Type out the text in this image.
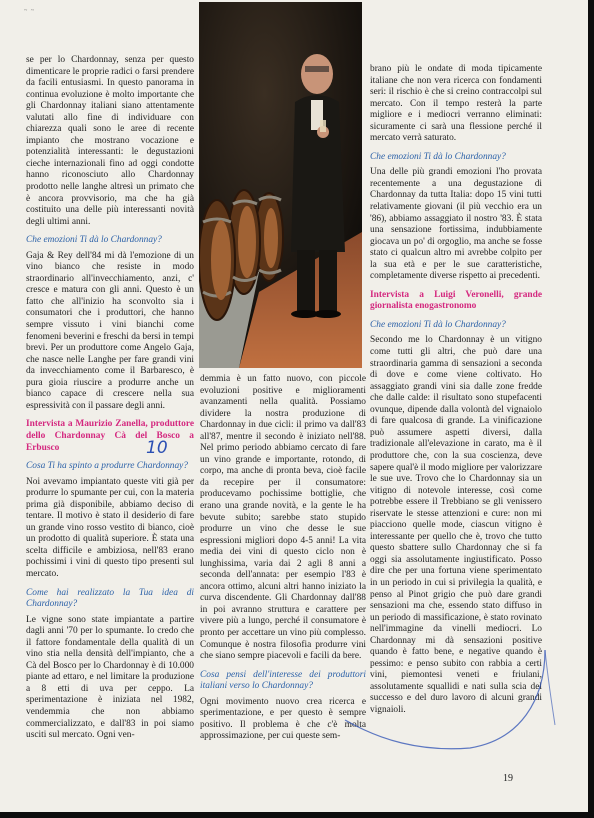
~ ~

se per lo Chardonnay, senza per questo dimenticare le proprie radici o farsi prendere da facili entusiasmi. In questo panorama in continua evoluzione è molto importante che gli Chardonnay italiani siano attentamente valutati allo fine di individuare con chiarezza quali sono le aree di recente impianto che mostrano vocazione e potenzialità interessanti: le degustazioni cieche internazionali fino ad oggi condotte hanno riconosciuto allo Chardonnay prodotto nelle langhe altresì un primato che è ancora provvisorio, ma che ha già costituito una delle più interessanti novità degli ultimi anni.

Che emozioni Ti dà lo Chardonnay?

Gaja & Rey dell'84 mi dà l'emozione di un vino bianco che resiste in modo straordinario all'invecchiamento, anzi, c' cresce e matura con gli anni. Questo è un fatto che all'inizio ha sconvolto sia i consumatori che i produttori, che hanno sempre vissuto i vini bianchi come fenomeni beverini e freschi da bersi in tempi brevi. Per un produttore come Angelo Gaja, che nasce nelle Langhe per fare grandi vini da invecchiamento come il Barbaresco, è pura gioia riuscire a produrre anche un bianco capace di crescere nella sua espressività con il passare degli anni.

Intervista a Maurizio Zanella, produttore dello Chardonnay Cà del Bosco a Erbusco

Cosa Ti ha spinto a produrre Chardonnay?

Noi avevamo impiantato queste viti già per produrre lo spumante per cui, con la materia prima già disponibile, abbiamo deciso di tentare. Il motivo è stato il desiderio di fare un grande vino rosso vestito di bianco, cioè un prodotto di qualità superiore. È stata una scelta difficile e ambiziosa, nell'83 erano pochissimi i vini di questo tipo presenti sul mercato.

Come hai realizzato la Tua idea di Chardonnay?

Le vigne sono state impiantate a partire dagli anni '70 per lo spumante. Io credo che il fattore fondamentale della qualità di un vino stia nella densità dell'impianto, che a Cà del Bosco per lo Chardonnay è di 10.000 piante ad ettaro, e nel limitare la produzione a 8 etti di uva per ceppo. La sperimentazione è iniziata nel 1982, vendemmia che non abbiamo commercializzato, e dall'83 in poi siamo usciti sul mercato. Ogni ven-

demmia è un fatto nuovo, con piccole evoluzioni positive e miglioramenti avanzamenti nella qualità. Possiamo dividere la nostra produzione di Chardonnay in due cicli: il primo va dall'83 all'87, mentre il secondo è iniziato nell'88. Nel primo periodo abbiamo cercato di fare un vino grande e importante, rotondo, di corpo, ma anche di pronta beva, cioè facile da recepire per il consumatore: producevamo pochissime bottiglie, che erano una grande novità, e la gente le ha bevute subito; sarebbe stato stupido produrre un vino che desse le sue espressioni migliori dopo 4-5 anni! La vita media dei vini di questo ciclo non è lunghissima, varia dai 2 agli 8 anni a seconda dell'annata: per esempio l'83 è ancora ottimo, alcuni altri hanno iniziato la curva discendente. Gli Chardonnay dall'88 in poi avranno struttura e carattere per vivere più a lungo, perché il consumatore è pronto per accettare un vino più complesso. Comunque è nostra filosofia produrre vini che siano sempre piacevoli e facili da bere.

Cosa pensi dell'interesse dei produttori italiani verso lo Chardonnay?

Ogni movimento nuovo crea ricerca e sperimentazione, e per questo è sempre positivo. Il problema è che c'è molta approssimazione, per cui queste sem-

brano più le ondate di moda tipicamente italiane che non vera ricerca con fondamenti seri: il rischio è che si creino contraccolpi sul mercato. Con il tempo resterà la parte migliore e i mediocri verranno eliminati: sicuramente ci sarà una flessione perché il mercato verrà saturato.

Che emozioni Ti dà lo Chardonnay?

Una delle più grandi emozioni l'ho provata recentemente a una degustazione di Chardonnay da tutta Italia: dopo 15 vini tutti relativamente giovani (il più vecchio era un '86), abbiamo assaggiato il nostro '83. È stata una sensazione fortissima, indubbiamente giocava un po' di orgoglio, ma anche se fosse stato ci qualcun altro mi avrebbe colpito per la sua età e per le sue caratteristiche, completamente diverse rispetto ai precedenti.

Intervista a Luigi Veronelli, grande giornalista enogastronomo

Che emozioni Ti dà lo Chardonnay?

Secondo me lo Chardonnay è un vitigno come tutti gli altri, che può dare una straordinaria gamma di sensazioni a seconda di dove e come viene coltivato. Ho assaggiato grandi vini sia dalle zone fredde che dalle calde: il risultato sono stupefacenti ovunque, dipende dalla volontà del vignaiolo di fare qualcosa di grande. La vinificazione può assumere aspetti diversi, dalla tradizionale all'elevazione in carato, ma è il produttore che, con la sua coscienza, deve sapere qual'è il modo migliore per valorizzare le sue uve. Trovo che lo Chardonnay sia un vitigno di notevole interesse, così come potrebbe essere il Trebbiano se gli venissero riservate le stesse attenzioni e cure: non mi piacciono quelle mode, ciascun vitigno è interessante per quello che è, trovo che tutto questo sbattere sullo Chardonnay che si fa oggi sia assolutamente ingiustificato. Posso dire che per una fortuna viene sperimentato in un periodo in cui si privilegia la qualità, e penso al Pinot grigio che può dare grandi sensazioni ma che, essendo stato diffuso in un periodo di massificazione, è stato rovinato nell'immagine da vinelli mediocri. Lo Chardonnay mi dà sensazioni positive quando è fatto bene, e negative quando è pessimo: e penso subito con rabbia a certi vini, piemontesi veneti e friulani, assolutamente squallidi e nati sulla scia del successo e del duro lavoro di alcuni grandi vignaioli.

10
19
